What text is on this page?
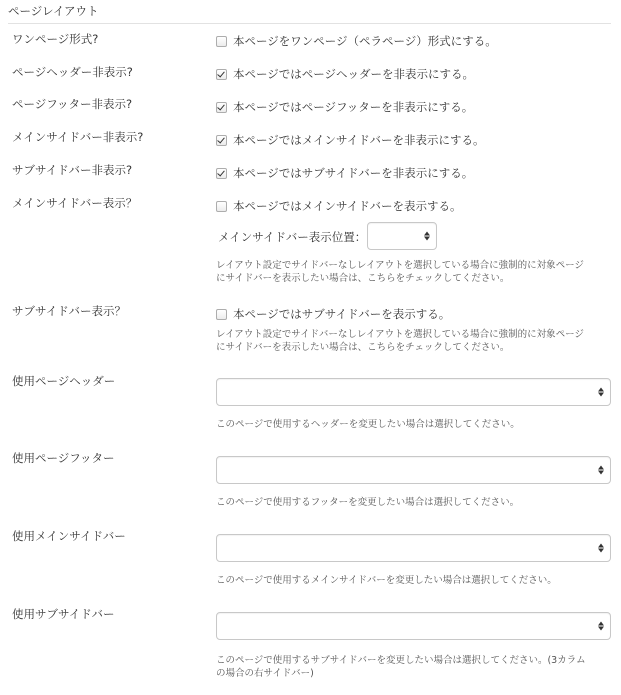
ページレイアウト
ワンページ形式?	本ページをワンページ（ペラページ）形式にする。
ページヘッダー非表示?	本ページではページヘッダーを非表示にする。
ページフッター非表示?	本ページではページフッターを非表示にする。
メインサイドバー非表示?	本ページではメインサイドバーを非表示にする。
サブサイドバー非表示?	本ページではサブサイドバーを非表示にする。
メインサイドバー表示？	本ページではメインサイドバーを表示する。
メインサイドバー表示位置：
レイアウト設定でサイドバーなしレイアウトを選択している場合に強制的に対象ページ
にサイドバーを表示したい場合は、こちらをチェックしてください。
サブサイドバー表示？	本ページではサブサイドバーを表示する。
レイアウト設定でサイドバーなしレイアウトを選択している場合に強制的に対象ページ
にサイドバーを表示したい場合は、こちらをチェックしてください。
使用ページヘッダー
このページで使用するヘッダーを変更したい場合は選択してください。
使用ページフッター
このページで使用するフッターを変更したい場合は選択してください。
使用メインサイドバー
このページで使用するメインサイドバーを変更したい場合は選択してください。
使用サブサイドバー
このページで使用するサブサイドバーを変更したい場合は選択してください。(3カラム
の場合の右サイドバー)
